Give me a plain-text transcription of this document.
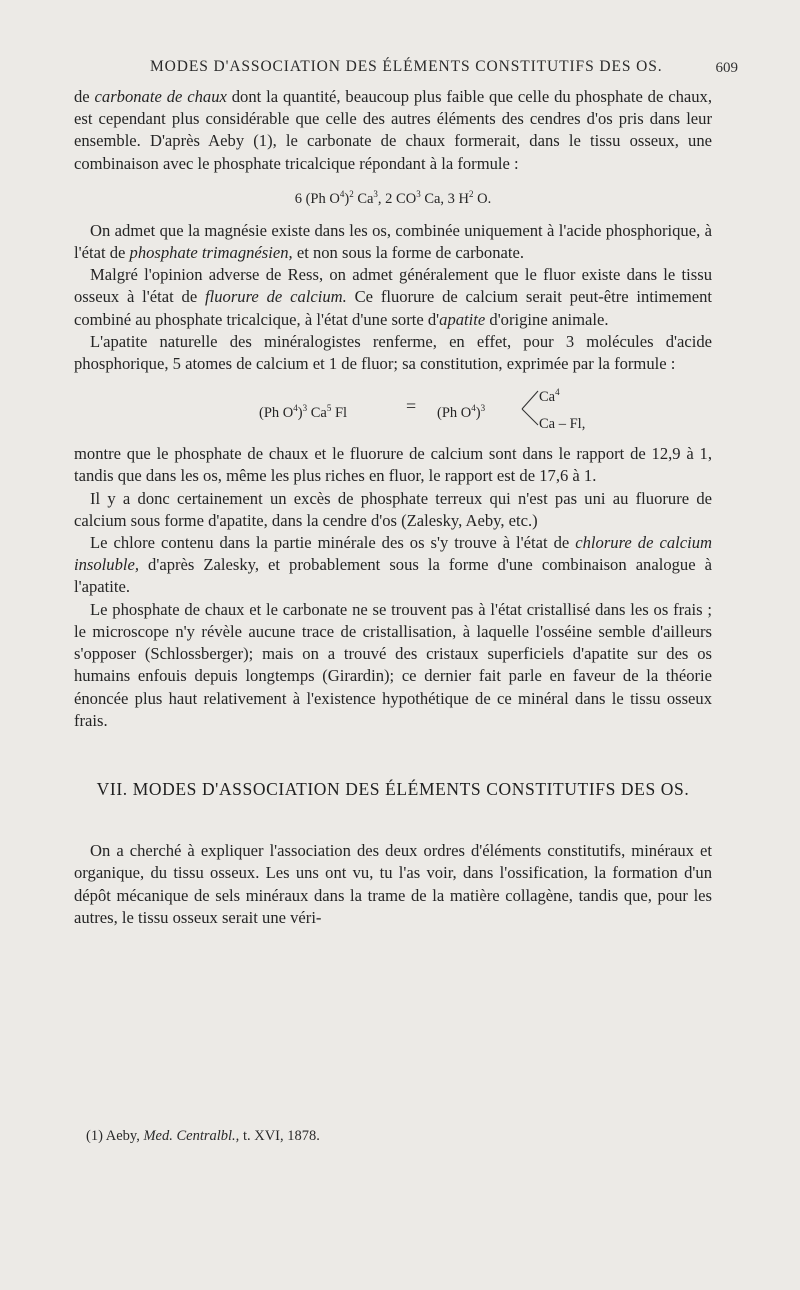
MODES D'ASSOCIATION DES ÉLÉMENTS CONSTITUTIFS DES OS.	609

de carbonate de chaux dont la quantité, beaucoup plus faible que celle du phosphate de chaux, est cependant plus considérable que celle des autres éléments des cendres d'os pris dans leur ensemble. D'après Aeby (1), le carbonate de chaux formerait, dans le tissu osseux, une combinaison avec le phosphate tricalcique répondant à la formule :

6 (Ph $O^4)^2$ Ca$^3$, 2 $CO^3$ Ca, 3 $H^2$ O.

On admet que la magnésie existe dans les os, combinée uniquement à l'acide phosphorique, à l'état de phosphate trimagnésien, et non sous la forme de carbonate.

Malgré l'opinion adverse de Ress, on admet généralement que le fluor existe dans le tissu osseux à l'état de fluorure de calcium. Ce fluorure de calcium serait peut-être intimement combiné au phosphate tricalcique, à l'état d'une sorte d'apatite d'origine animale.

L'apatite naturelle des minéralogistes renferme, en effet, pour 3 molécules d'acide phosphorique, 5 atomes de calcium et 1 de fluor; sa constitution, exprimée par la formule :

(Ph $O^4)^3$ Ca$^5$ Fl	= (Ph $O^4)^3$
Ca$^4$
Ca – Fl,

montre que le phosphate de chaux et le fluorure de calcium sont dans le rapport de 12,9 à 1, tandis que dans les os, même les plus riches en fluor, le rapport est de 17,6 à 1.

Il y a donc certainement un excès de phosphate terreux qui n'est pas uni au fluorure de calcium sous forme d'apatite, dans la cendre d'os (Zalesky, Aeby, etc.)

Le chlore contenu dans la partie minérale des os s'y trouve à l'état de chlorure de calcium insoluble, d'après Zalesky, et probablement sous la forme d'une combinaison analogue à l'apatite.

Le phosphate de chaux et le carbonate ne se trouvent pas à l'état cristallisé dans les os frais ; le microscope n'y révèle aucune trace de cristallisation, à laquelle l'osséine semble d'ailleurs s'opposer (Schlossberger); mais on a trouvé des cristaux superficiels d'apatite sur des os humains enfouis depuis longtemps (Girardin); ce dernier fait parle en faveur de la théorie énoncée plus haut relativement à l'existence hypothétique de ce minéral dans le tissu osseux frais.

VII. MODES D'ASSOCIATION DES ÉLÉMENTS CONSTITUTIFS DES OS.

On a cherché à expliquer l'association des deux ordres d'éléments constitutifs, minéraux et organique, du tissu osseux. Les uns ont vu, tu l'as voir, dans l'ossification, la formation d'un dépôt mécanique de sels minéraux dans la trame de la matière collagène, tandis que, pour les autres, le tissu osseux serait une véri-

(1) Aeby, Med. Centralbl., t. XVI, 1878.
